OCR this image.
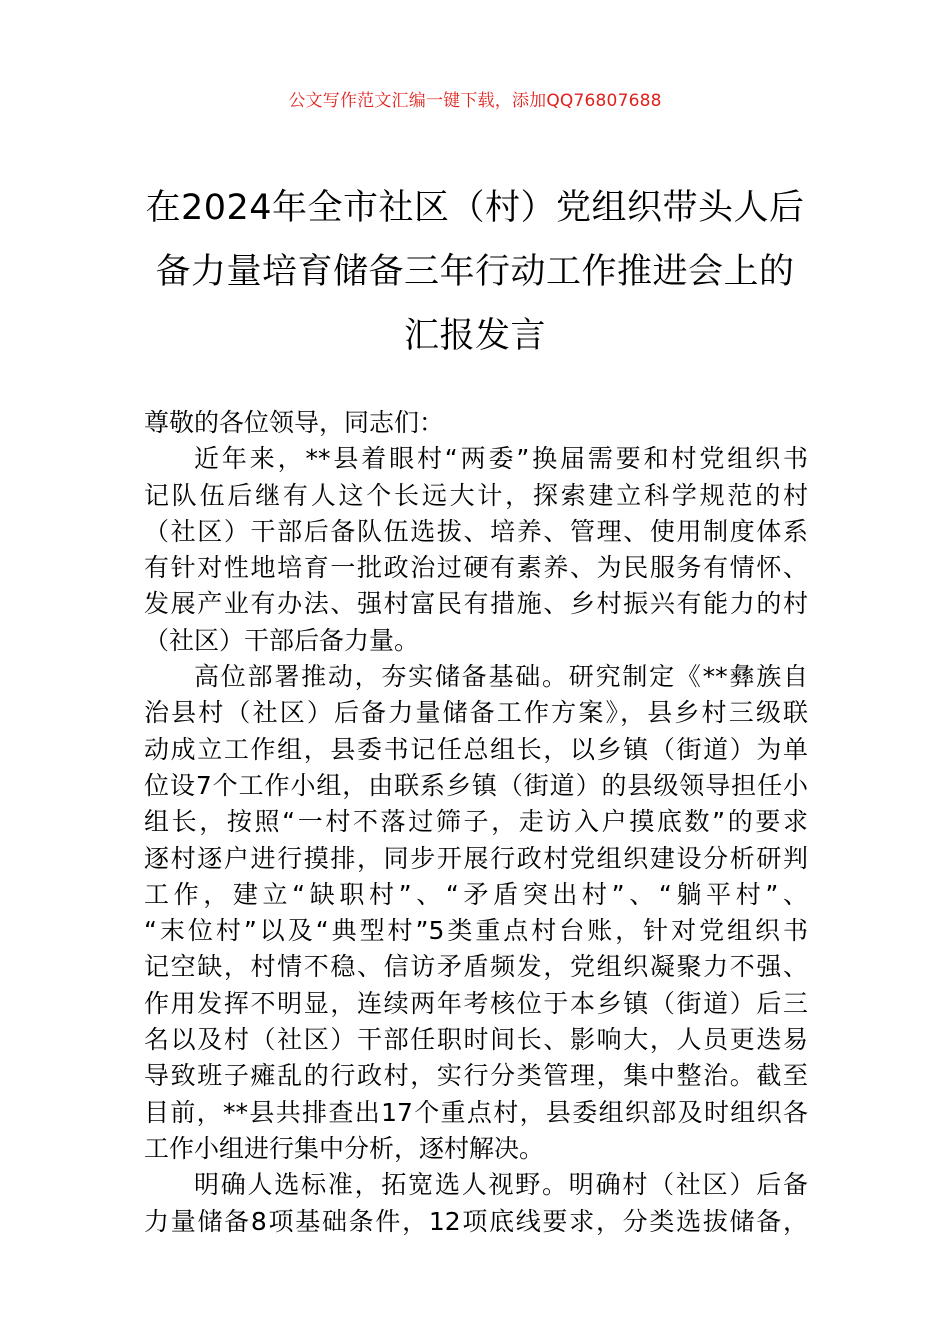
公文写作范文汇编一键下载，添加QQ76807688
在2024年全市社区（村）党组织带头人后
备力量培育储备三年行动工作推进会上的
汇报发言
尊敬的各位领导，同志们：
近年来，**县着眼村“两委”换届需要和村党组织书
记队伍后继有人这个长远大计，探索建立科学规范的村
（社区）干部后备队伍选拔、培养、管理、使用制度体系
有针对性地培育一批政治过硬有素养、为民服务有情怀、
发展产业有办法、强村富民有措施、乡村振兴有能力的村
（社区）干部后备力量。
高位部署推动，夯实储备基础。研究制定《**彝族自
治县村（社区）后备力量储备工作方案》，县乡村三级联
动成立工作组，县委书记任总组长，以乡镇（街道）为单
位设7个工作小组，由联系乡镇（街道）的县级领导担任小
组长，按照“一村不落过筛子，走访入户摸底数”的要求
逐村逐户进行摸排，同步开展行政村党组织建设分析研判
工作，建立“缺职村”、“矛盾突出村”、“躺平村”、
“末位村”以及“典型村”5类重点村台账，针对党组织书
记空缺，村情不稳、信访矛盾频发，党组织凝聚力不强、
作用发挥不明显，连续两年考核位于本乡镇（街道）后三
名以及村（社区）干部任职时间长、影响大，人员更迭易
导致班子瘫乱的行政村，实行分类管理，集中整治。截至
目前，**县共排查出17个重点村，县委组织部及时组织各
工作小组进行集中分析，逐村解决。
明确人选标准，拓宽选人视野。明确村（社区）后备
力量储备8项基础条件，12项底线要求，分类选拔储备，
